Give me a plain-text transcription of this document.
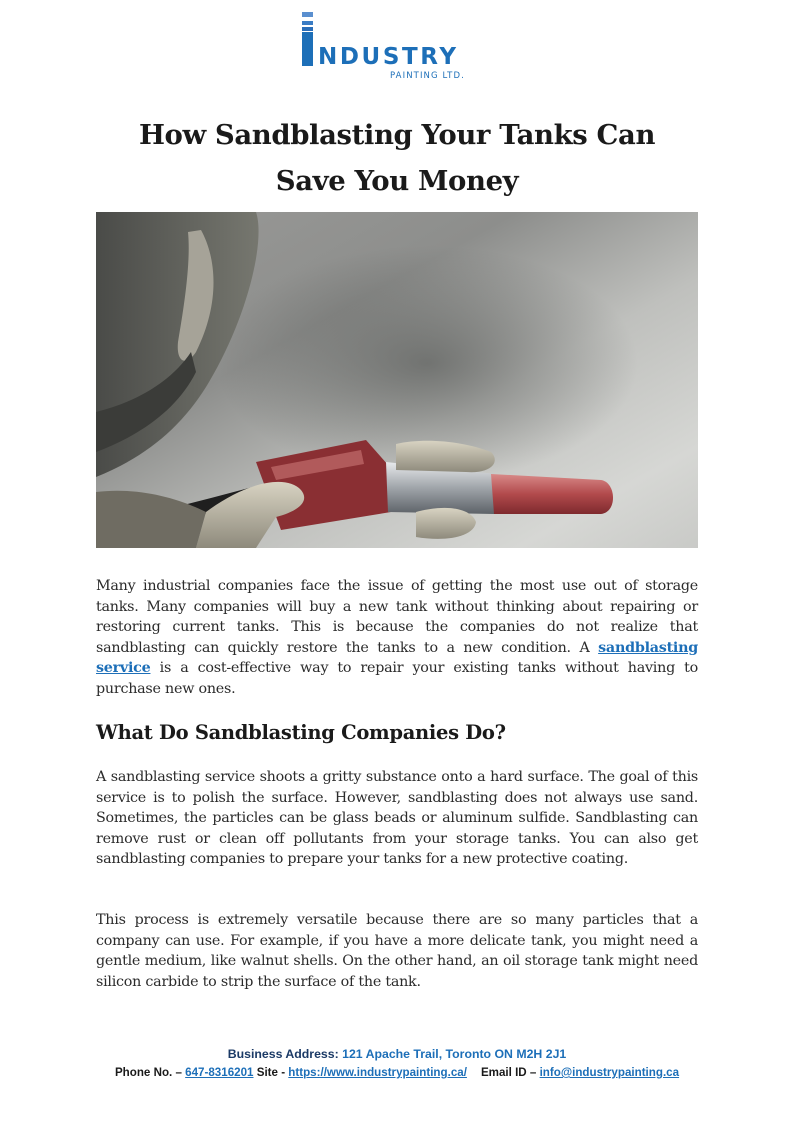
NDUSTRY
PAINTING LTD.
How Sandblasting Your Tanks Can
Save You Money

Many industrial companies face the issue of getting the most use out of storage tanks. Many companies will buy a new tank without thinking about repairing or restoring current tanks. This is because the companies do not realize that sandblasting can quickly restore the tanks to a new condition. A sandblasting service is a cost-effective way to repair your existing tanks without having to purchase new ones.

What Do Sandblasting Companies Do?

A sandblasting service shoots a gritty substance onto a hard surface. The goal of this service is to polish the surface. However, sandblasting does not always use sand. Sometimes, the particles can be glass beads or aluminum sulfide. Sandblasting can remove rust or clean off pollutants from your storage tanks. You can also get sandblasting companies to prepare your tanks for a new protective coating.

This process is extremely versatile because there are so many particles that a company can use. For example, if you have a more delicate tank, you might need a gentle medium, like walnut shells. On the other hand, an oil storage tank might need silicon carbide to strip the surface of the tank.

Business Address: 121 Apache Trail, Toronto ON M2H 2J1
Phone No. – 647-8316201 Site - https://www.industrypainting.ca/ Email ID – info@industrypainting.ca
